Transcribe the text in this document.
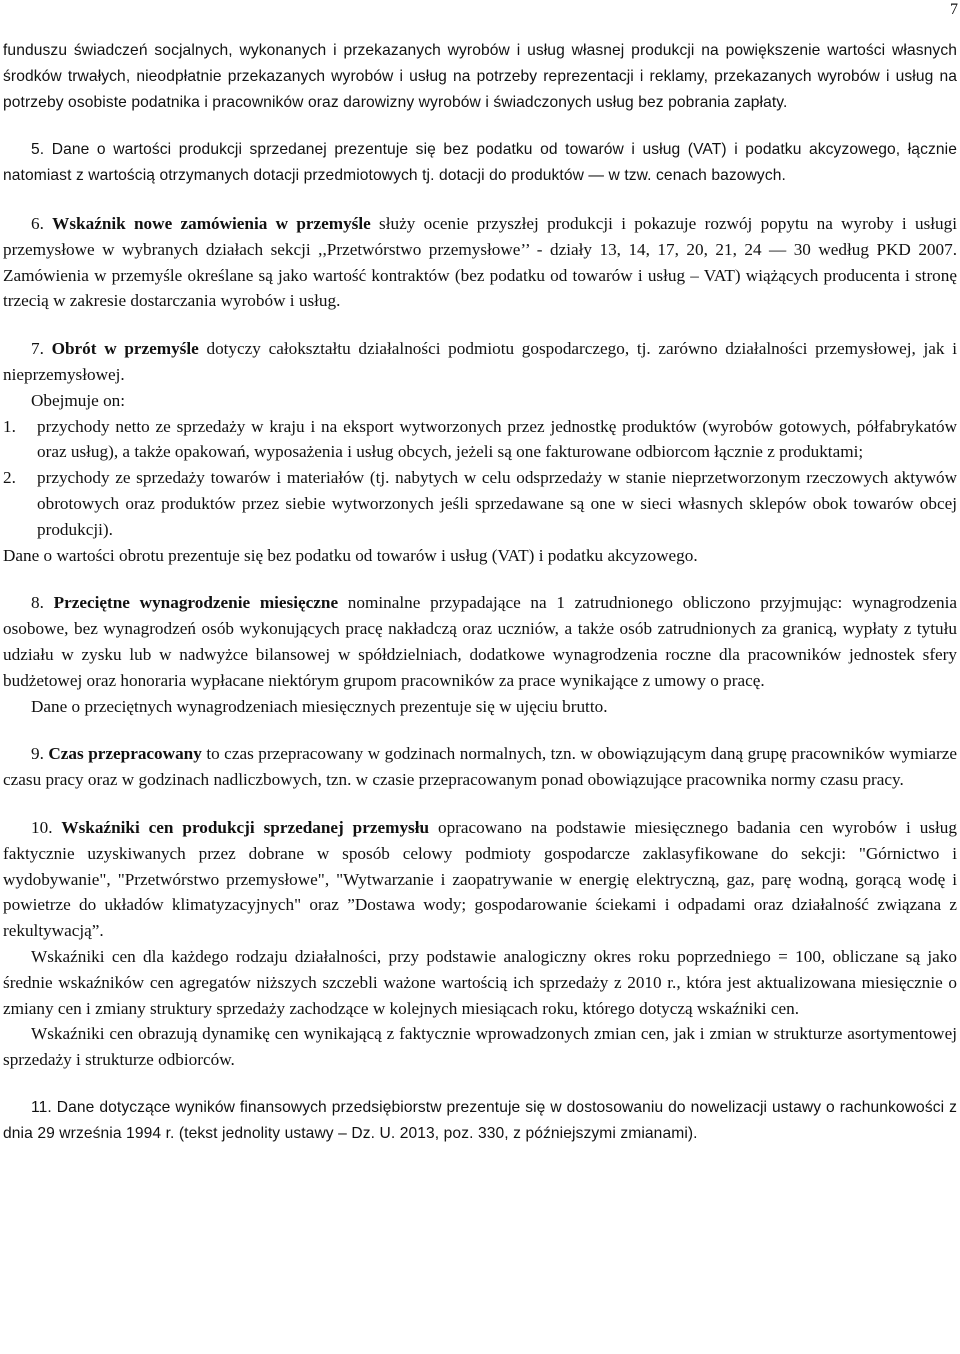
7

funduszu świadczeń socjalnych, wykonanych i przekazanych wyrobów i usług własnej produkcji na powiększenie wartości własnych środków trwałych, nieodpłatnie przekazanych wyrobów i usług na potrzeby reprezentacji i reklamy, przekazanych wyrobów i usług na potrzeby osobiste podatnika i pracowników oraz darowizny wyrobów i świadczonych usług bez pobrania zapłaty.

5. Dane o wartości produkcji sprzedanej prezentuje się bez podatku od towarów i usług (VAT) i podatku akcyzowego, łącznie natomiast z wartością otrzymanych dotacji przedmiotowych tj. dotacji do produktów — w tzw. cenach bazowych.

6. Wskaźnik nowe zamówienia w przemyśle służy ocenie przyszłej produkcji i pokazuje rozwój popytu na wyroby i usługi przemysłowe w wybranych działach sekcji ,,Przetwórstwo przemysłowe’’ - działy 13, 14, 17, 20, 21, 24 — 30 według PKD 2007. Zamówienia w przemyśle określane są jako wartość kontraktów (bez podatku od towarów i usług – VAT) wiążących producenta i stronę trzecią w zakresie dostarczania wyrobów i usług.

7. Obrót w przemyśle dotyczy całokształtu działalności podmiotu gospodarczego, tj. zarówno działalności przemysłowej, jak i nieprzemysłowej.

Obejmuje on:

1.	przychody netto ze sprzedaży w kraju i na eksport wytworzonych przez jednostkę produktów (wyrobów gotowych, półfabrykatów oraz usług), a także opakowań, wyposażenia i usług obcych, jeżeli są one fakturowane odbiorcom łącznie z produktami;
2.	przychody ze sprzedaży towarów i materiałów (tj. nabytych w celu odsprzedaży w stanie nieprzetworzonym rzeczowych aktywów obrotowych oraz produktów przez siebie wytworzonych jeśli sprzedawane są one w sieci własnych sklepów obok towarów obcej produkcji).

Dane o wartości obrotu prezentuje się bez podatku od towarów i usług (VAT) i podatku akcyzowego.

8. Przeciętne wynagrodzenie miesięczne nominalne przypadające na 1 zatrudnionego obliczono przyjmując: wynagrodzenia osobowe, bez wynagrodzeń osób wykonujących pracę nakładczą oraz uczniów, a także osób zatrudnionych za granicą, wypłaty z tytułu udziału w zysku lub w nadwyżce bilansowej w spółdzielniach, dodatkowe wynagrodzenia roczne dla pracowników jednostek sfery budżetowej oraz honoraria wypłacane niektórym grupom pracowników za prace wynikające z umowy o pracę.

Dane o przeciętnych wynagrodzeniach miesięcznych prezentuje się w ujęciu brutto.

9. Czas przepracowany to czas przepracowany w godzinach normalnych, tzn. w obowiązującym daną grupę pracowników wymiarze czasu pracy oraz w godzinach nadliczbowych, tzn. w czasie przepracowanym ponad obowiązujące pracownika normy czasu pracy.

10. Wskaźniki cen produkcji sprzedanej przemysłu opracowano na podstawie miesięcznego badania cen wyrobów i usług faktycznie uzyskiwanych przez dobrane w sposób celowy podmioty gospodarcze zaklasyfikowane do sekcji: "Górnictwo i wydobywanie", "Przetwórstwo przemysłowe", "Wytwarzanie i zaopatrywanie w energię elektryczną, gaz, parę wodną, gorącą wodę i powietrze do układów klimatyzacyjnych" oraz ”Dostawa wody; gospodarowanie ściekami i odpadami oraz działalność związana z rekultywacją”.

Wskaźniki cen dla każdego rodzaju działalności, przy podstawie analogiczny okres roku poprzedniego = 100, obliczane są jako średnie wskaźników cen agregatów niższych szczebli ważone wartością ich sprzedaży z 2010 r., która jest aktualizowana miesięcznie o zmiany cen i zmiany struktury sprzedaży zachodzące w kolejnych miesiącach roku, którego dotyczą wskaźniki cen.

Wskaźniki cen obrazują dynamikę cen wynikającą z faktycznie wprowadzonych zmian cen, jak i zmian w strukturze asortymentowej sprzedaży i strukturze odbiorców.

11. Dane dotyczące wyników finansowych przedsiębiorstw prezentuje się w dostosowaniu do nowelizacji ustawy o rachunkowości z dnia 29 września 1994 r. (tekst jednolity ustawy – Dz. U. 2013, poz. 330, z późniejszymi zmianami).
